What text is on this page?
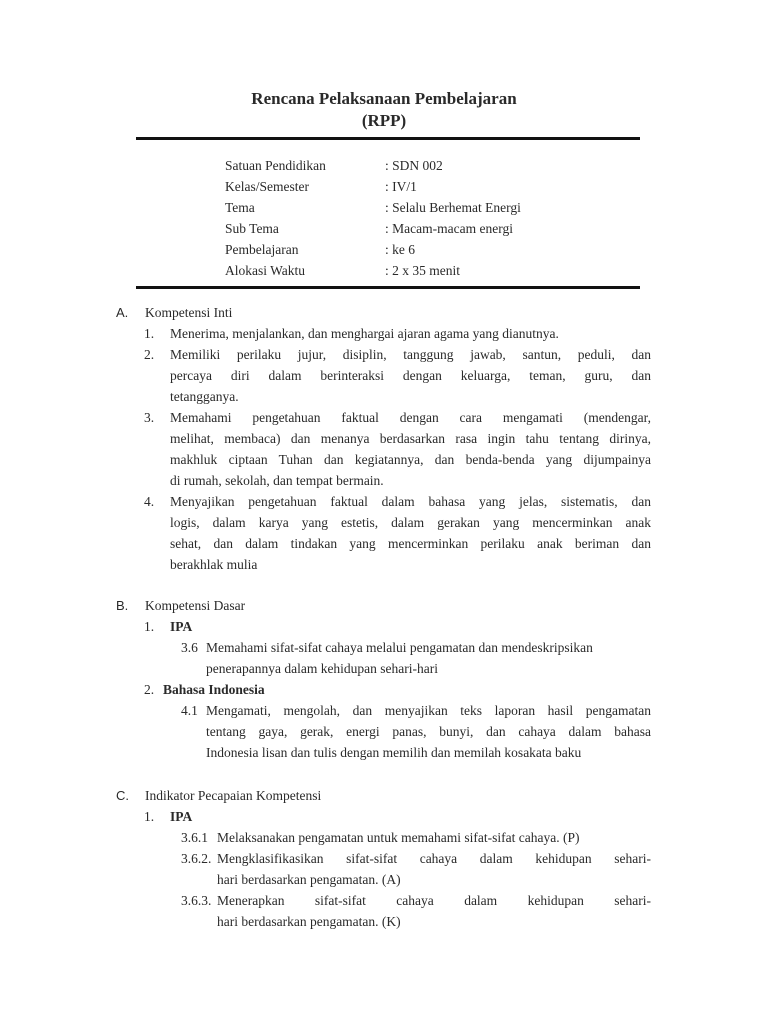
Rencana Pelaksanaan Pembelajaran
(RPP)
Satuan Pendidikan	: SDN 002
Kelas/Semester	: IV/1
Tema	: Selalu Berhemat Energi
Sub Tema	: Macam-macam energi
Pembelajaran	: ke 6
Alokasi Waktu	: 2 x 35 menit
A. Kompetensi Inti
1. Menerima, menjalankan, dan menghargai ajaran agama yang dianutnya.
2. Memiliki perilaku jujur, disiplin, tanggung jawab, santun, peduli, dan
percaya diri dalam berinteraksi dengan keluarga, teman, guru, dan
tetangganya.
3. Memahami pengetahuan faktual dengan cara mengamati (mendengar,
melihat, membaca) dan menanya berdasarkan rasa ingin tahu tentang dirinya,
makhluk ciptaan Tuhan dan kegiatannya, dan benda-benda yang dijumpainya
di rumah, sekolah, dan tempat bermain.
4. Menyajikan pengetahuan faktual dalam bahasa yang jelas, sistematis, dan
logis, dalam karya yang estetis, dalam gerakan yang mencerminkan anak
sehat, dan dalam tindakan yang mencerminkan perilaku anak beriman dan
berakhlak mulia
B. Kompetensi Dasar
1. IPA
3.6 Memahami sifat-sifat cahaya melalui pengamatan dan mendeskripsikan
penerapannya dalam kehidupan sehari-hari
2. Bahasa Indonesia
4.1 Mengamati, mengolah, dan menyajikan teks laporan hasil pengamatan
tentang gaya, gerak, energi panas, bunyi, dan cahaya dalam bahasa
Indonesia lisan dan tulis dengan memilih dan memilah kosakata baku
C. Indikator Pecapaian Kompetensi
1. IPA
3.6.1 Melaksanakan pengamatan untuk memahami sifat-sifat cahaya. (P)
3.6.2. Mengklasifikasikan sifat-sifat cahaya dalam kehidupan sehari-
hari berdasarkan pengamatan. (A)
3.6.3. Menerapkan sifat-sifat cahaya dalam kehidupan sehari-
hari berdasarkan pengamatan. (K)
